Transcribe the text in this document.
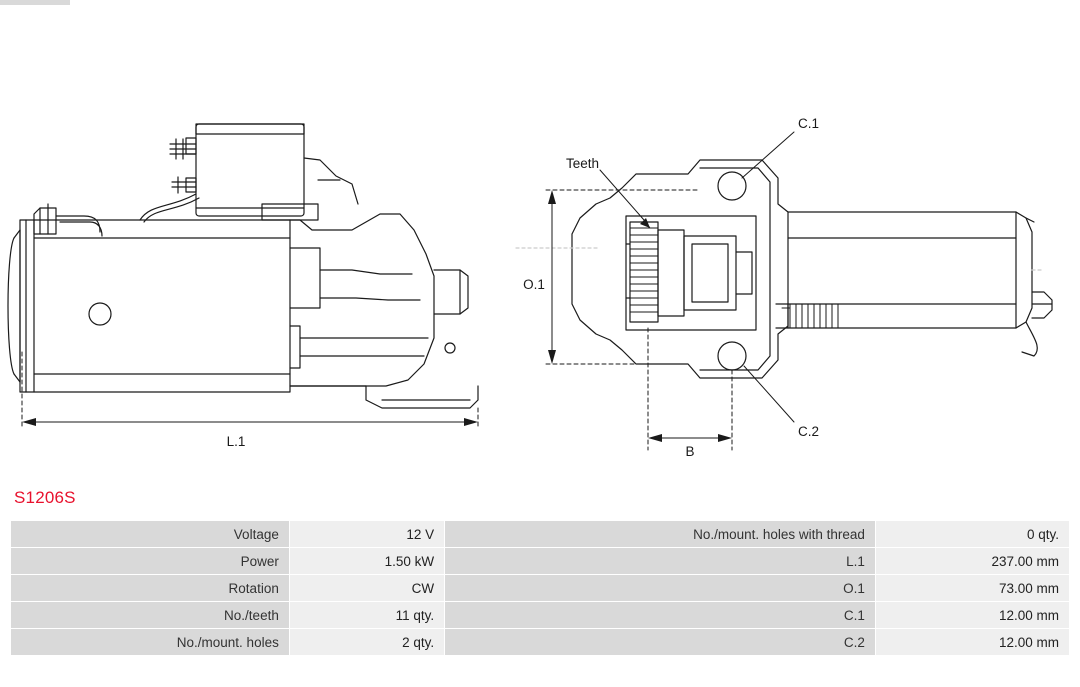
L.1
O.1
B
Teeth
C.1
C.2
S1206S
Voltage	12 V	No./mount. holes with thread	0 qty.
Power	1.50 kW	L.1	237.00 mm
Rotation	CW	O.1	73.00 mm
No./teeth	11 qty.	C.1	12.00 mm
No./mount. holes	2 qty.	C.2	12.00 mm
